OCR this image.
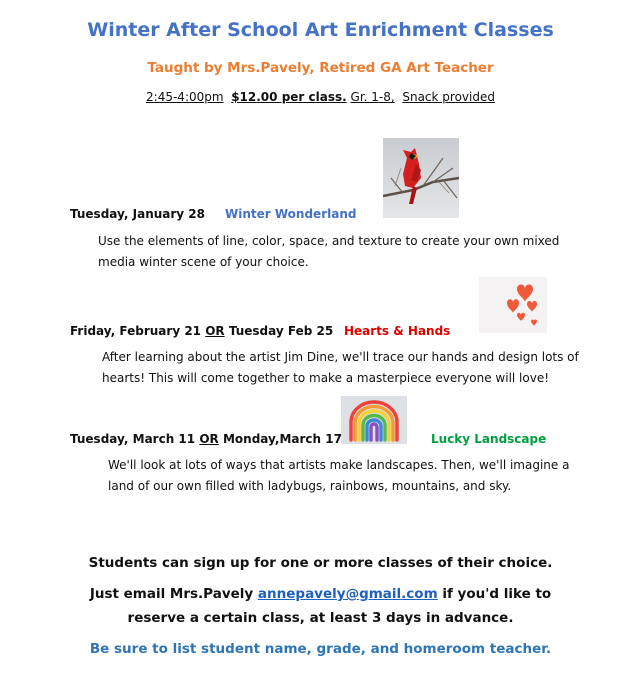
Winter After School Art Enrichment Classes
Taught by Mrs.Pavely, Retired GA Art Teacher
2:45-4:00pm $12.00 per class. Gr. 1-8, Snack provided
Tuesday, January 28 Winter Wonderland
Use the elements of line, color, space, and texture to create your own mixed media winter scene of your choice.
Friday, February 21 OR Tuesday Feb 25 Hearts & Hands
After learning about the artist Jim Dine, we'll trace our hands and design lots of hearts! This will come together to make a masterpiece everyone will love!
Tuesday, March 11 OR Monday,March 17	Lucky Landscape
We'll look at lots of ways that artists make landscapes. Then, we'll imagine a land of our own filled with ladybugs, rainbows, mountains, and sky.
Students can sign up for one or more classes of their choice.
Just email Mrs.Pavely annepavely@gmail.com if you'd like to
reserve a certain class, at least 3 days in advance.
Be sure to list student name, grade, and homeroom teacher.
